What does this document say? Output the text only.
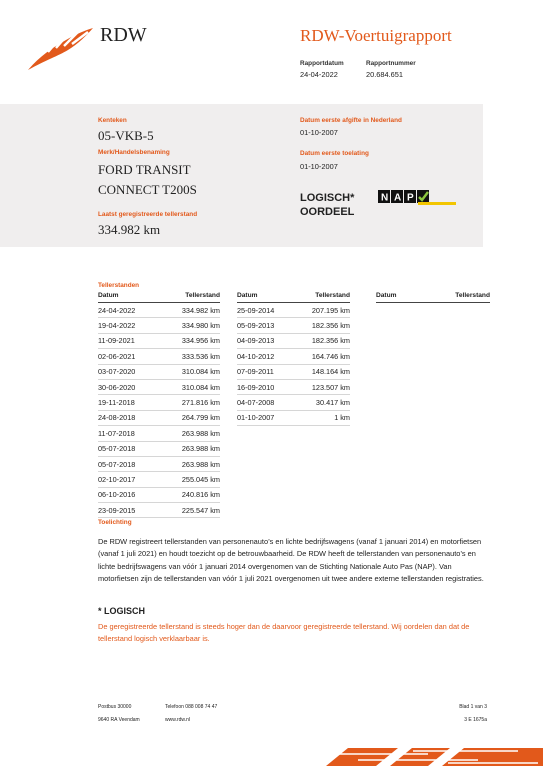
RDW	RDW-Voertuigrapport
Rapportdatum
24-04-2022
Rapportnummer
20.684.651
Kenteken
05-VKB-5
Merk/Handelsbenaming
FORD TRANSIT
CONNECT T200S
Laatst geregistreerde tellerstand
334.982 km
Datum eerste afgifte in Nederland
01-10-2007
Datum eerste toelating
01-10-2007
LOGISCH*
OORDEEL
N A P
Tellerstanden
Datum	Tellerstand
24-04-2022	334.982 km
19-04-2022	334.980 km
11-09-2021	334.956 km
02-06-2021	333.536 km
03-07-2020	310.084 km
30-06-2020	310.084 km
19-11-2018	271.816 km
24-08-2018	264.799 km
11-07-2018	263.988 km
05-07-2018	263.988 km
05-07-2018	263.988 km
02-10-2017	255.045 km
06-10-2016	240.816 km
23-09-2015	225.547 km
Datum	Tellerstand
25-09-2014	207.195 km
05-09-2013	182.356 km
04-09-2013	182.356 km
04-10-2012	164.746 km
07-09-2011	148.164 km
16-09-2010	123.507 km
04-07-2008	30.417 km
01-10-2007	1 km
Datum	Tellerstand
Toelichting
De RDW registreert tellerstanden van personenauto’s en lichte bedrijfswagens (vanaf 1 januari 2014) en motorfietsen (vanaf 1 juli 2021) en houdt toezicht op de betrouwbaarheid. De RDW heeft de tellerstanden van personenauto’s en lichte bedrijfswagens van vóór 1 januari 2014 overgenomen van de Stichting Nationale Auto Pas (NAP). Van motorfietsen zijn de tellerstanden van vóór 1 juli 2021 overgenomen uit twee andere externe tellerstanden registraties.
* LOGISCH
De geregistreerde tellerstand is steeds hoger dan de daarvoor geregistreerde tellerstand. Wij oordelen dan dat de tellerstand logisch verklaarbaar is.
Postbus 30000
9640 RA Veendam
Telefoon 088 008 74 47
www.rdw.nl
Blad 1 van 3
3 E 1675a
